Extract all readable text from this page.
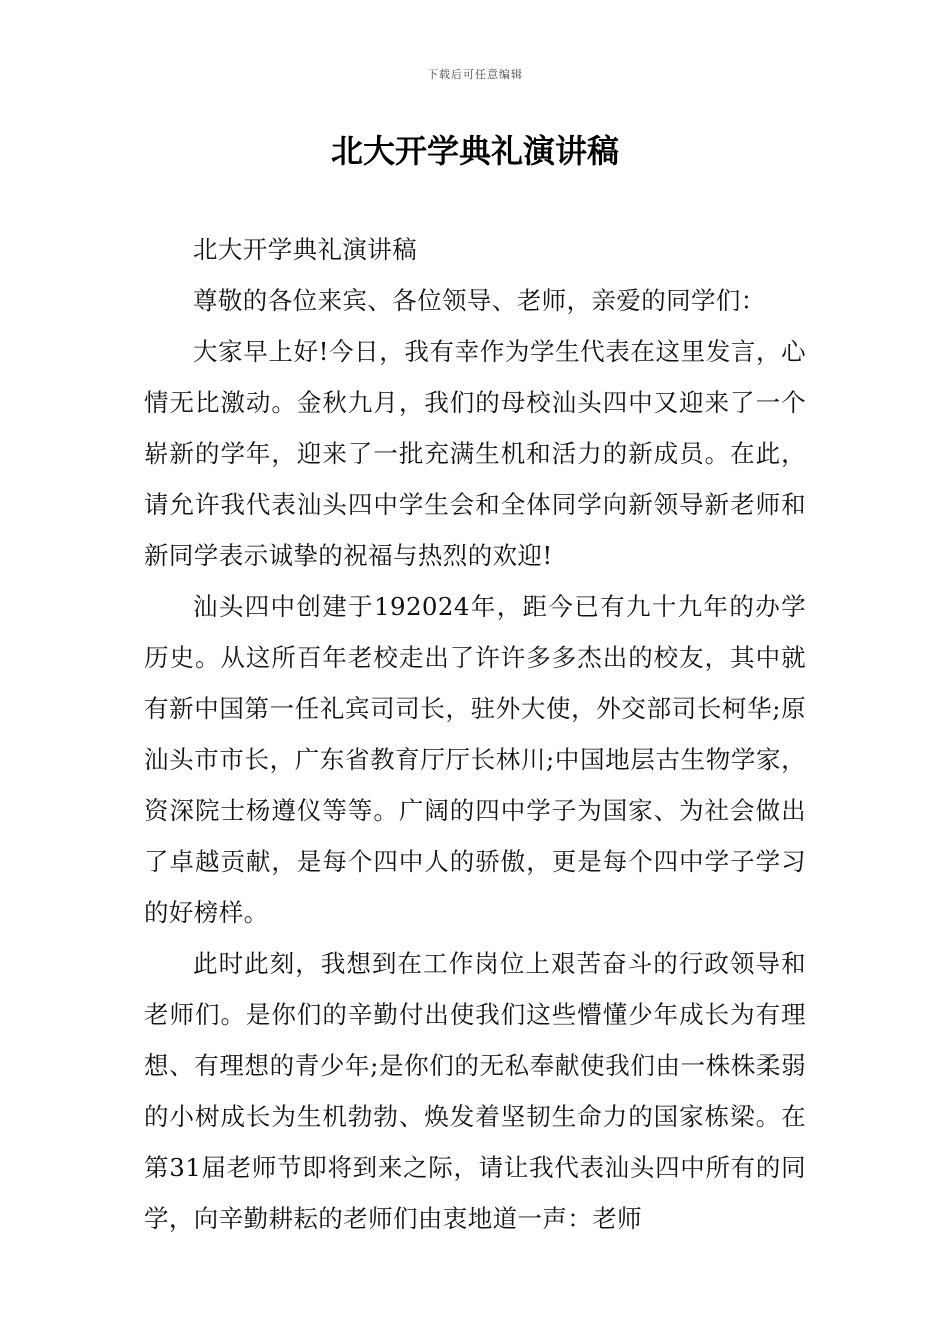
下载后可任意编辑
北大开学典礼演讲稿

北大开学典礼演讲稿

尊敬的各位来宾、各位领导、老师，亲爱的同学们：

大家早上好!今日，我有幸作为学生代表在这里发言，心情无比激动。金秋九月，我们的母校汕头四中又迎来了一个崭新的学年，迎来了一批充满生机和活力的新成员。在此，请允许我代表汕头四中学生会和全体同学向新领导新老师和新同学表示诚挚的祝福与热烈的欢迎!

汕头四中创建于192024年，距今已有九十九年的办学历史。从这所百年老校走出了许许多多杰出的校友，其中就有新中国第一任礼宾司司长，驻外大使，外交部司长柯华;原汕头市市长，广东省教育厅厅长林川;中国地层古生物学家，资深院士杨遵仪等等。广阔的四中学子为国家、为社会做出了卓越贡献，是每个四中人的骄傲，更是每个四中学子学习的好榜样。

此时此刻，我想到在工作岗位上艰苦奋斗的行政领导和老师们。是你们的辛勤付出使我们这些懵懂少年成长为有理想、有理想的青少年;是你们的无私奉献使我们由一株株柔弱的小树成长为生机勃勃、焕发着坚韧生命力的国家栋梁。在第31届老师节即将到来之际，请让我代表汕头四中所有的同学，向辛勤耕耘的老师们由衷地道一声：老师
